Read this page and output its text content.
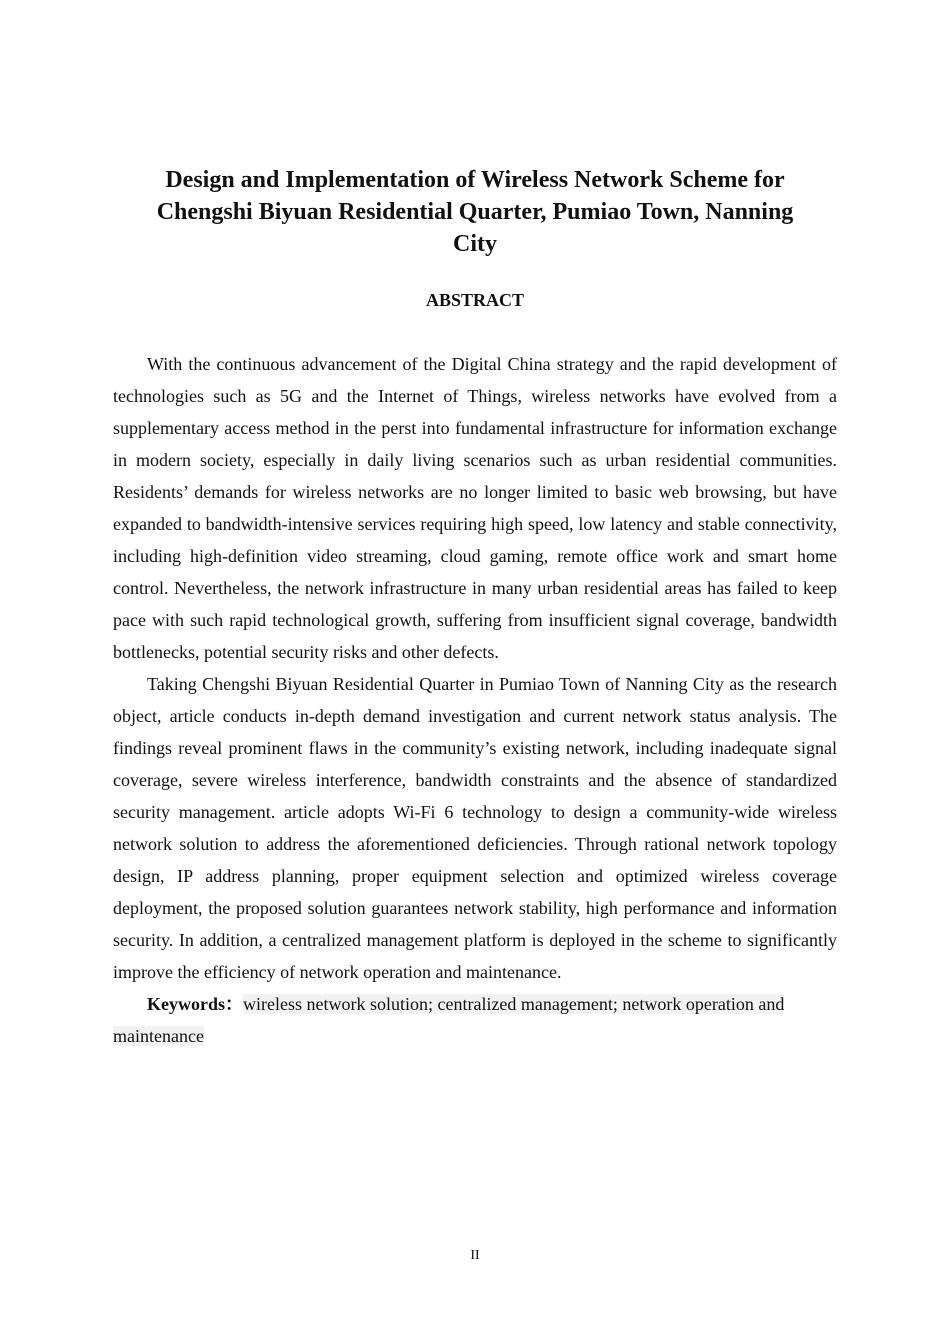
Design and Implementation of Wireless Network Scheme for
Chengshi Biyuan Residential Quarter, Pumiao Town, Nanning
City
ABSTRACT

With the continuous advancement of the Digital China strategy and the rapid development of technologies such as 5G and the Internet of Things, wireless networks have evolved from a supplementary access method in the perst into fundamental infrastructure for information exchange in modern society, especially in daily living scenarios such as urban residential communities. Residents’ demands for wireless networks are no longer limited to basic web browsing, but have expanded to bandwidth-intensive services requiring high speed, low latency and stable connectivity, including high-definition video streaming, cloud gaming, remote office work and smart home control. Nevertheless, the network infrastructure in many urban residential areas has failed to keep pace with such rapid technological growth, suffering from insufficient signal coverage, bandwidth bottlenecks, potential security risks and other defects.

Taking Chengshi Biyuan Residential Quarter in Pumiao Town of Nanning City as the research object, article conducts in-depth demand investigation and current network status analysis. The findings reveal prominent flaws in the community’s existing network, including inadequate signal coverage, severe wireless interference, bandwidth constraints and the absence of standardized security management. article adopts Wi-Fi 6 technology to design a community-wide wireless network solution to address the aforementioned deficiencies. Through rational network topology design, IP address planning, proper equipment selection and optimized wireless coverage deployment, the proposed solution guarantees network stability, high performance and information security. In addition, a centralized management platform is deployed in the scheme to significantly improve the efficiency of network operation and maintenance.

Keywords：wireless network solution; centralized management; network operation and maintenance

II
